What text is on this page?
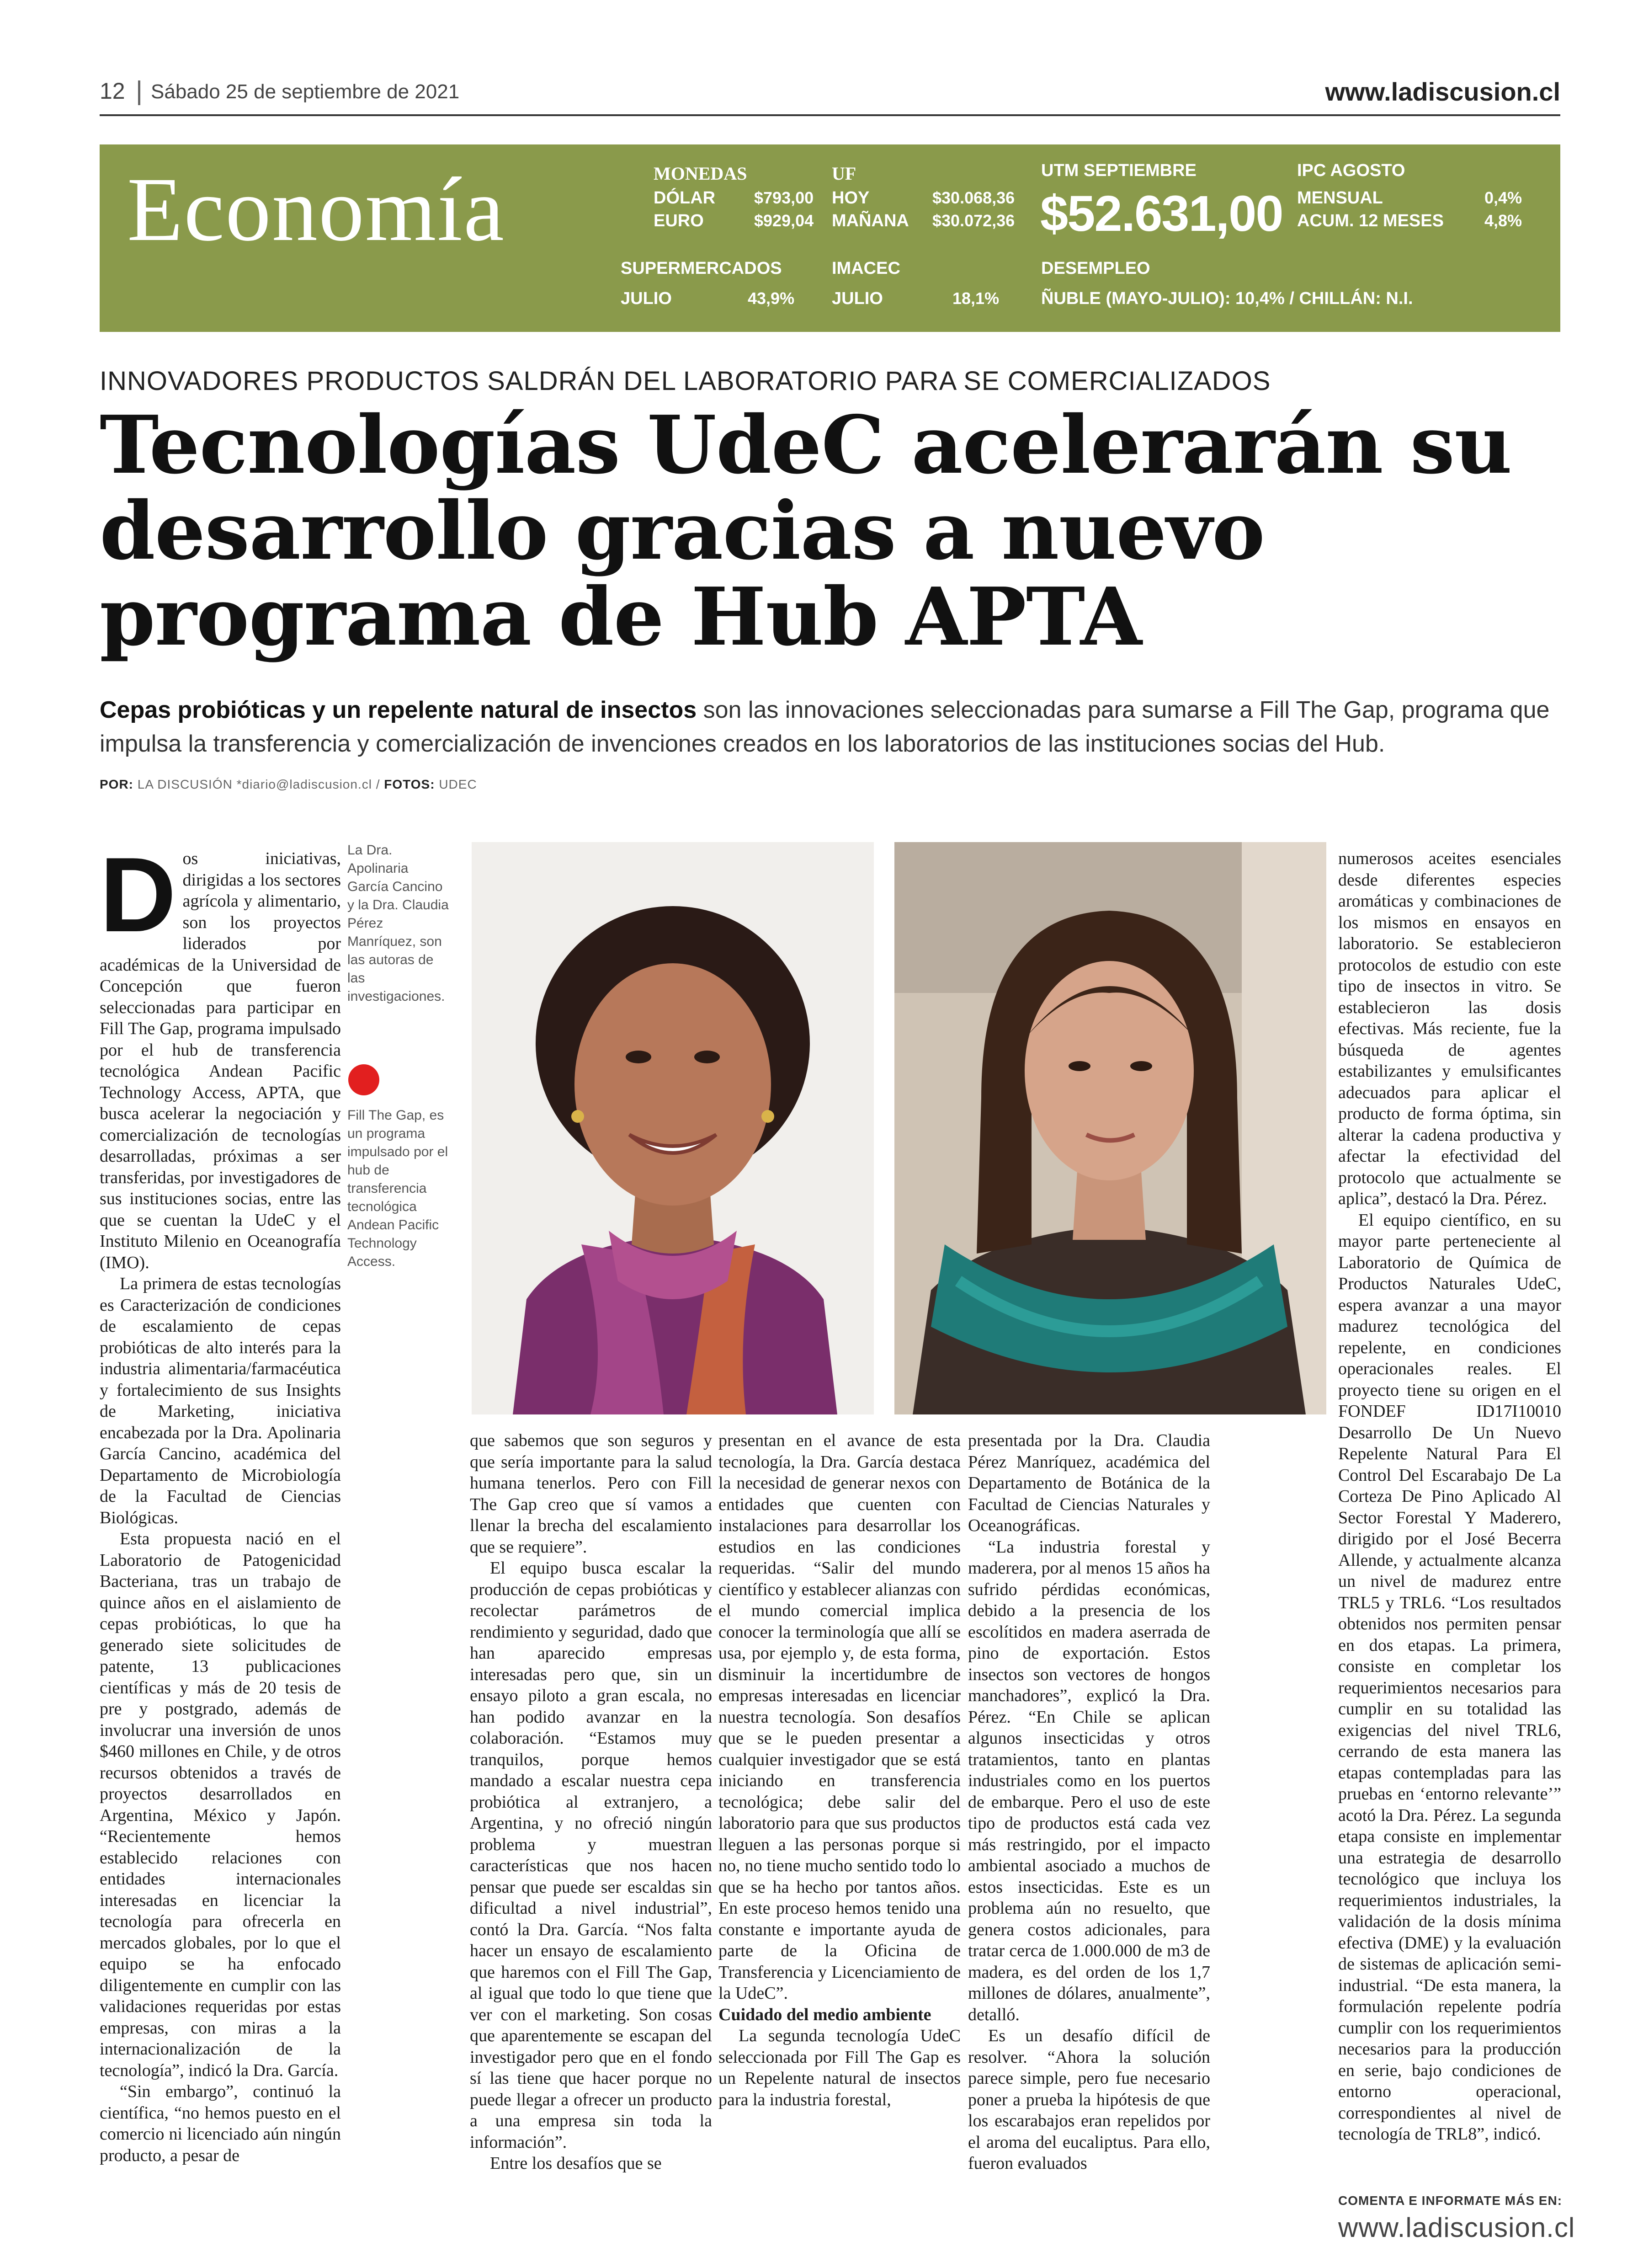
12 Sábado 25 de septiembre de 2021	www.ladiscusion.cl
Economía	MONEDAS
DÓLAR $793,00
EURO	$929,04
UF
HOY	$30.068,36
MAÑANA $30.072,36
UTM SEPTIEMBRE
$52.631,00
IPC AGOSTO
MENSUAL	0,4%
ACUM. 12 MESES 4,8%
SUPERMERCADOS
JULIO	43,9%
IMACEC
JULIO	18,1%
DESEMPLEO
ÑUBLE (MAYO-JULIO): 10,4% / CHILLÁN: N.I.
INNOVADORES PRODUCTOS SALDRÁN DEL LABORATORIO PARA SE COMERCIALIZADOS
Tecnologías UdeC acelerarán su desarrollo gracias a nuevo programa de Hub APTA
Cepas probióticas y un repelente natural de insectos son las innovaciones seleccionadas para sumarse a Fill The Gap, programa que impulsa la transferencia y comercialización de invenciones creados en los laboratorios de las instituciones socias del Hub.
POR: LA DISCUSIÓN *diario@ladiscusion.cl / FOTOS: UDEC

Dos iniciativas, dirigidas a los sectores agrícola y alimentario, son los proyectos liderados por académicas de la Universidad de Concepción que fueron seleccionadas para participar en Fill The Gap, programa impulsado por el hub de transferencia tecnológica Andean Pacific Technology Access, APTA, que busca acelerar la negociación y comercialización de tecnologías desarrolladas, próximas a ser transferidas, por investigadores de sus instituciones socias, entre las que se cuentan la UdeC y el Instituto Milenio en Oceanografía (IMO).

La primera de estas tecnologías es Caracterización de condiciones de escalamiento de cepas probióticas de alto interés para la industria alimentaria/farmacéutica y fortalecimiento de sus Insights de Marketing, iniciativa encabezada por la Dra. Apolinaria García Cancino, académica del Departamento de Microbiología de la Facultad de Ciencias Biológicas.

Esta propuesta nació en el Laboratorio de Patogenicidad Bacteriana, tras un trabajo de quince años en el aislamiento de cepas probióticas, lo que ha generado siete solicitudes de patente, 13 publicaciones científicas y más de 20 tesis de pre y postgrado, además de involucrar una inversión de unos $460 millones en Chile, y de otros recursos obtenidos a través de proyectos desarrollados en Argentina, México y Japón. “Recientemente hemos establecido relaciones con entidades internacionales interesadas en licenciar la tecnología para ofrecerla en mercados globales, por lo que el equipo se ha enfocado diligentemente en cumplir con las validaciones requeridas por estas empresas, con miras a la internacionalización de la tecnología”, indicó la Dra. García.

“Sin embargo”, continuó la científica, “no hemos puesto en el comercio ni licenciado aún ningún producto, a pesar de

La Dra. Apolinaria García Cancino y la Dra. Claudia Pérez Manríquez, son las autoras de las investigaciones.
Fill The Gap, es un programa impulsado por el hub de transferencia tecnológica Andean Pacific Technology Access.

que sabemos que son seguros y que sería importante para la salud humana tenerlos. Pero con Fill The Gap creo que sí vamos a llenar la brecha del escalamiento que se requiere”.

El equipo busca escalar la producción de cepas probióticas y recolectar parámetros de rendimiento y seguridad, dado que han aparecido empresas interesadas pero que, sin un ensayo piloto a gran escala, no han podido avanzar en la colaboración. “Estamos muy tranquilos, porque hemos mandado a escalar nuestra cepa probiótica al extranjero, a Argentina, y no ofreció ningún problema y muestran características que nos hacen pensar que puede ser escaldas sin dificultad a nivel industrial”, contó la Dra. García. “Nos falta hacer un ensayo de escalamiento que haremos con el Fill The Gap, al igual que todo lo que tiene que ver con el marketing. Son cosas que aparentemente se escapan del investigador pero que en el fondo sí las tiene que hacer porque no puede llegar a ofrecer un producto a una empresa sin toda la información”.

Entre los desafíos que se

presentan en el avance de esta tecnología, la Dra. García destaca la necesidad de generar nexos con entidades que cuenten con instalaciones para desarrollar los estudios en las condiciones requeridas. “Salir del mundo científico y establecer alianzas con el mundo comercial implica conocer la terminología que allí se usa, por ejemplo y, de esta forma, disminuir la incertidumbre de empresas interesadas en licenciar nuestra tecnología. Son desafíos que se le pueden presentar a cualquier investigador que se está iniciando en transferencia tecnológica; debe salir del laboratorio para que sus productos lleguen a las personas porque si no, no tiene mucho sentido todo lo que se ha hecho por tantos años. En este proceso hemos tenido una constante e importante ayuda de parte de la Oficina de Transferencia y Licenciamiento de la UdeC”.

Cuidado del medio ambiente

La segunda tecnología UdeC seleccionada por Fill The Gap es un Repelente natural de insectos para la industria forestal,

presentada por la Dra. Claudia Pérez Manríquez, académica del Departamento de Botánica de la Facultad de Ciencias Naturales y Oceanográficas.

“La industria forestal y maderera, por al menos 15 años ha sufrido pérdidas económicas, debido a la presencia de los escolítidos en madera aserrada de pino de exportación. Estos insectos son vectores de hongos manchadores”, explicó la Dra. Pérez. “En Chile se aplican algunos insecticidas y otros tratamientos, tanto en plantas industriales como en los puertos de embarque. Pero el uso de este tipo de productos está cada vez más restringido, por el impacto ambiental asociado a muchos de estos insecticidas. Este es un problema aún no resuelto, que genera costos adicionales, para tratar cerca de 1.000.000 de m3 de madera, es del orden de los 1,7 millones de dólares, anualmente”, detalló.

Es un desafío difícil de resolver. “Ahora la solución parece simple, pero fue necesario poner a prueba la hipótesis de que los escarabajos eran repelidos por el aroma del eucaliptus. Para ello, fueron evaluados

numerosos aceites esenciales desde diferentes especies aromáticas y combinaciones de los mismos en ensayos en laboratorio. Se establecieron protocolos de estudio con este tipo de insectos in vitro. Se establecieron las dosis efectivas. Más reciente, fue la búsqueda de agentes estabilizantes y emulsificantes adecuados para aplicar el producto de forma óptima, sin alterar la cadena productiva y afectar la efectividad del protocolo que actualmente se aplica”, destacó la Dra. Pérez.

El equipo científico, en su mayor parte perteneciente al Laboratorio de Química de Productos Naturales UdeC, espera avanzar a una mayor madurez tecnológica del repelente, en condiciones operacionales reales. El proyecto tiene su origen en el FONDEF ID17I10010 Desarrollo De Un Nuevo Repelente Natural Para El Control Del Escarabajo De La Corteza De Pino Aplicado Al Sector Forestal Y Maderero, dirigido por el José Becerra Allende, y actualmente alcanza un nivel de madurez entre TRL5 y TRL6. “Los resultados obtenidos nos permiten pensar en dos etapas. La primera, consiste en completar los requerimientos necesarios para cumplir en su totalidad las exigencias del nivel TRL6, cerrando de esta manera las etapas contempladas para las pruebas en ‘entorno relevante’” acotó la Dra. Pérez. La segunda etapa consiste en implementar una estrategia de desarrollo tecnológico que incluya los requerimientos industriales, la validación de la dosis mínima efectiva (DME) y la evaluación de sistemas de aplicación semi-industrial. “De esta manera, la formulación repelente podría cumplir con los requerimientos necesarios para la producción en serie, bajo condiciones de entorno operacional, correspondientes al nivel de tecnología de TRL8”, indicó.

COMENTA E INFORMATE MÁS EN:
www.ladiscusion.cl
